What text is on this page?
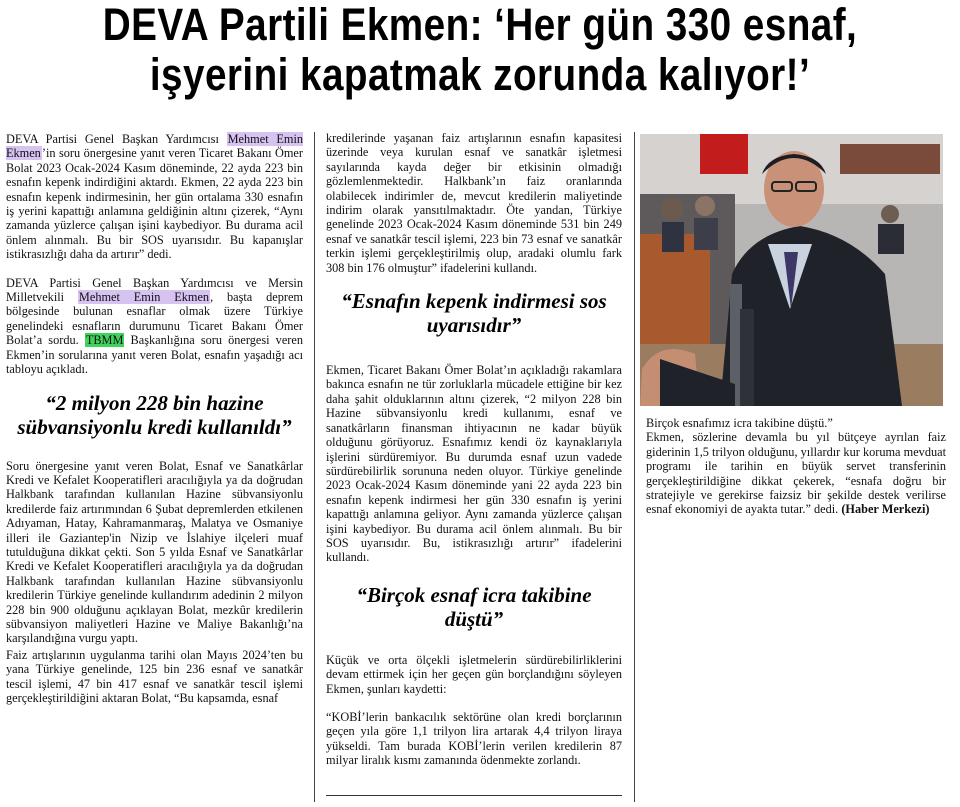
DEVA Partili Ekmen: ‘Her gün 330 esnaf,
işyerini kapatmak zorunda kalıyor!’

DEVA Partisi Genel Başkan Yardımcısı Mehmet Emin Ekmen’in soru önergesine yanıt veren Ticaret Bakanı Ömer Bolat 2023 Ocak-2024 Kasım döneminde, 22 ayda 223 bin esnafın kepenk indirdiğini aktardı. Ekmen, 22 ayda 223 bin esnafın kepenk indirmesinin, her gün ortalama 330 esnafın iş yerini kapattığı anlamına geldiğinin altını çizerek, “Aynı zamanda yüzlerce çalışan işini kaybediyor. Bu durama acil önlem alınmalı. Bu bir SOS uyarısıdır. Bu kapanışlar istikrasızlığı daha da artırır” dedi.

DEVA Partisi Genel Başkan Yardımcısı ve Mersin Milletvekili Mehmet Emin Ekmen, başta deprem bölgesinde bulunan esnaflar olmak üzere Türkiye genelindeki esnafların durumunu Ticaret Bakanı Ömer Bolat’a sordu. TBMM Başkanlığına soru önergesi veren Ekmen’in sorularına yanıt veren Bolat, esnafın yaşadığı acı tabloyu açıkladı.

“2 milyon 228 bin hazine sübvansiyonlu kredi kullanıldı”

Soru önergesine yanıt veren Bolat, Esnaf ve Sanatkârlar Kredi ve Kefalet Kooperatifleri aracılığıyla ya da doğrudan Halkbank tarafından kullanılan Hazine sübvansiyonlu kredilerde faiz artırımından 6 Şubat depremlerden etkilenen Adıyaman, Hatay, Kahramanmaraş, Malatya ve Osmaniye illeri ile Gaziantep'in Nizip ve İslahiye ilçeleri muaf tutulduğuna dikkat çekti. Son 5 yılda Esnaf ve Sanatkârlar Kredi ve Kefalet Kooperatifleri aracılığıyla ya da doğrudan Halkbank tarafından kullanılan Hazine sübvansiyonlu kredilerin Türkiye genelinde kullandırım adedinin 2 milyon 228 bin 900 olduğunu açıklayan Bolat, mezkûr kredilerin sübvansiyon maliyetleri Hazine ve Maliye Bakanlığı’na karşılandığına vurgu yaptı.

Faiz artışlarının uygulanma tarihi olan Mayıs 2024’ten bu yana Türkiye genelinde, 125 bin 236 esnaf ve sanatkâr tescil işlemi, 47 bin 417 esnaf ve sanatkâr tescil işlemi gerçekleştirildiğini aktaran Bolat, “Bu kapsamda, esnaf

kredilerinde yaşanan faiz artışlarının esnafın kapasitesi üzerinde veya kurulan esnaf ve sanatkâr işletmesi sayılarında kayda değer bir etkisinin olmadığı gözlemlenmektedir. Halkbank’ın faiz oranlarında olabilecek indirimler de, mevcut kredilerin maliyetinde indirim olarak yansıtılmaktadır. Öte yandan, Türkiye genelinde 2023 Ocak-2024 Kasım döneminde 531 bin 249 esnaf ve sanatkâr tescil işlemi, 223 bin 73 esnaf ve sanatkâr terkin işlemi gerçekleştirilmiş olup, aradaki olumlu fark 308 bin 176 olmuştur” ifadelerini kullandı.

“Esnafın kepenk indirmesi sos uyarısıdır”

Ekmen, Ticaret Bakanı Ömer Bolat’ın açıkladığı rakamlara bakınca esnafın ne tür zorluklarla mücadele ettiğine bir kez daha şahit olduklarının altını çizerek, “2 milyon 228 bin Hazine sübvansiyonlu kredi kullanımı, esnaf ve sanatkârların finansman ihtiyacının ne kadar büyük olduğunu görüyoruz. Esnafımız kendi öz kaynaklarıyla işlerini sürdüremiyor. Bu durumda esnaf uzun vadede sürdürebilirlik sorununa neden oluyor. Türkiye genelinde 2023 Ocak-2024 Kasım döneminde yani 22 ayda 223 bin esnafın kepenk indirmesi her gün 330 esnafın iş yerini kapattığı anlamına geliyor. Aynı zamanda yüzlerce çalışan işini kaybediyor. Bu durama acil önlem alınmalı. Bu bir SOS uyarısıdır. Bu, istikrasızlığı artırır” ifadelerini kullandı.

“Birçok esnaf icra takibine düştü”

Küçük ve orta ölçekli işletmelerin sürdürebilirliklerini devam ettirmek için her geçen gün borçlandığını söyleyen Ekmen, şunları kaydetti:

“KOBİ’lerin bankacılık sektörüne olan kredi borçlarının geçen yıla göre 1,1 trilyon lira artarak 4,4 trilyon liraya yükseldi. Tam burada KOBİ’lerin verilen kredilerin 87 milyar liralık kısmı zamanında ödenmekte zorlandı.

Birçok esnafımız icra takibine düştü.”

Ekmen, sözlerine devamla bu yıl bütçeye ayrılan faiz giderinin 1,5 trilyon olduğunu, yıllardır kur koruma mevduat programı ile tarihin en büyük servet transferinin gerçekleştirildiğine dikkat çekerek, “esnafa doğru bir stratejiyle ve gerekirse faizsiz bir şekilde destek verilirse esnaf ekonomiyi de ayakta tutar.” dedi. (Haber Merkezi)
